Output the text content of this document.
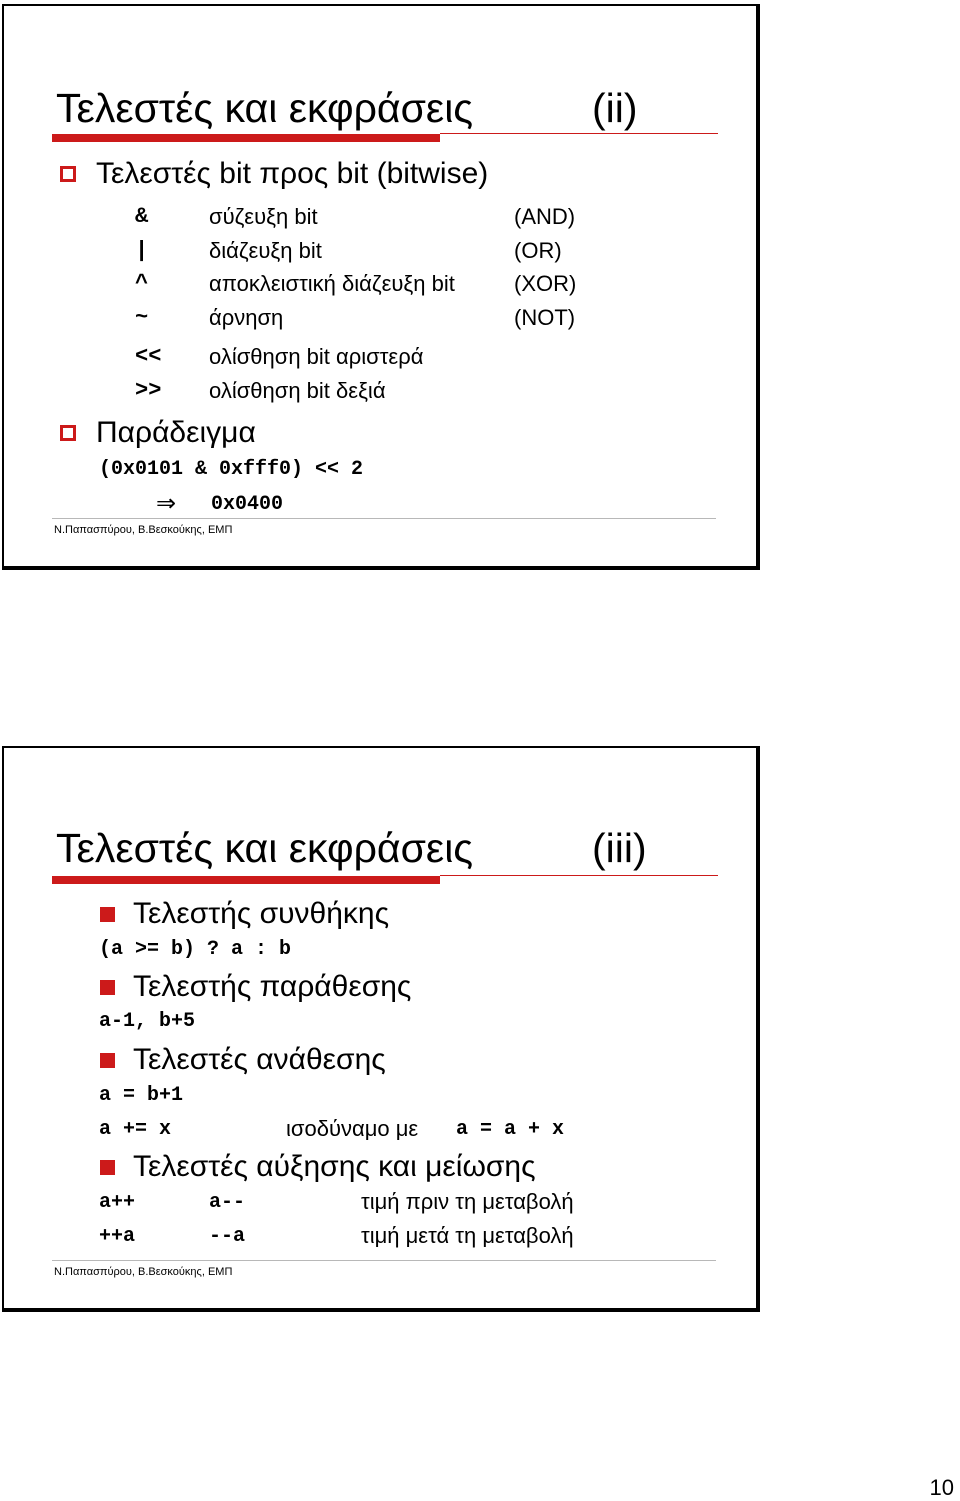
Τελεστές και εκφράσεις	(ii)
Τελεστές bit προς bit (bitwise)
&	σύζευξη bit	(AND)
|	διάζευξη bit	(OR)
^	αποκλειστική διάζευξη bit	(XOR)
~	άρνηση	(NOT)
<< ολίσθηση bit αριστερά
>> ολίσθηση bit δεξιά
Παράδειγμα
(0x0101 & 0xfff0) << 2
⇒ 0x0400
Ν.Παπασπύρου, Β.Βεσκούκης, ΕΜΠ
Τελεστές και εκφράσεις	(iii)
Τελεστής συνθήκης
(a >= b) ? a : b
Τελεστής παράθεσης
a-1, b+5
Τελεστές ανάθεσης
a = b+1
a += x	ισοδύναμο με a = a + x
Τελεστές αύξησης και μείωσης
a++	a--	τιμή πριν τη μεταβολή
++a	--a	τιμή μετά τη μεταβολή
Ν.Παπασπύρου, Β.Βεσκούκης, ΕΜΠ
10
